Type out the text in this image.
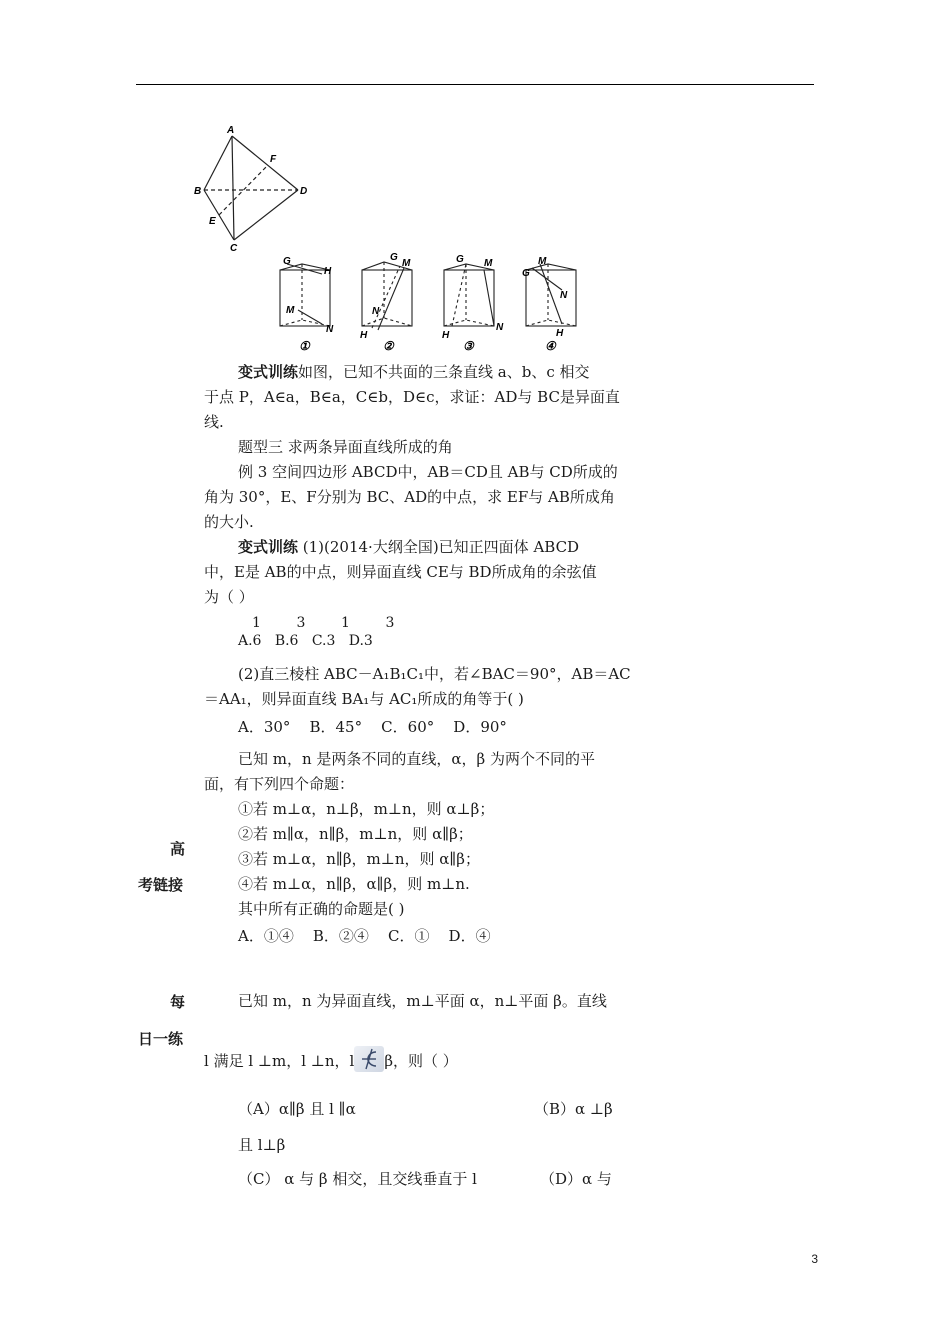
A
F
B	D
E
C
G
H
M
N
G
M
H
N
G M
H
N
G
M
N
H
①	②	③	④
变式训练如图，已知不共面的三条直线 a、b、c 相交
于点 P，A∈a，B∈a，C∈b，D∈c，求证：AD与 BC是异面直
线.
题型三 求两条异面直线所成的角
例 3 空间四边形 ABCD中，AB＝CD且 AB与 CD所成的
角为 30°，E、F分别为 BC、AD的中点，求 EF与 AB所成角
的大小.
变式训练 (1)(2014·大纲全国)已知正四面体 ABCD
中，E是 AB的中点，则异面直线 CE与 BD所成角的余弦值
为（ ）
1        3        1        3
A.6   B.6   C.3   D.3
(2)直三棱柱 ABC－A₁B₁C₁中，若∠BAC＝90°，AB＝AC
＝AA₁，则异面直线 BA₁与 AC₁所成的角等于( )
A．30°    B．45°    C．60°    D．90°
已知 m，n 是两条不同的直线，α，β 为两个不同的平
面，有下列四个命题：
①若 m⊥α，n⊥β，m⊥n，则 α⊥β；
②若 m∥α，n∥β，m⊥n，则 α∥β；
③若 m⊥α，n∥β，m⊥n，则 α∥β；
④若 m⊥α，n∥β，α∥β，则 m⊥n.
其中所有正确的命题是( )
A．①④    B．②④    C．①    D．④
已知 m，n 为异面直线，m⊥平面 α，n⊥平面 β。直线
l 满足 l ⊥m，l ⊥n，l β，则（ ）
（A）α∥β 且 l ∥α	（B）α ⊥β
且 l⊥β
（C） α 与 β 相交，且交线垂直于 l	（D）α 与
高
考链接
每
日一练
3
